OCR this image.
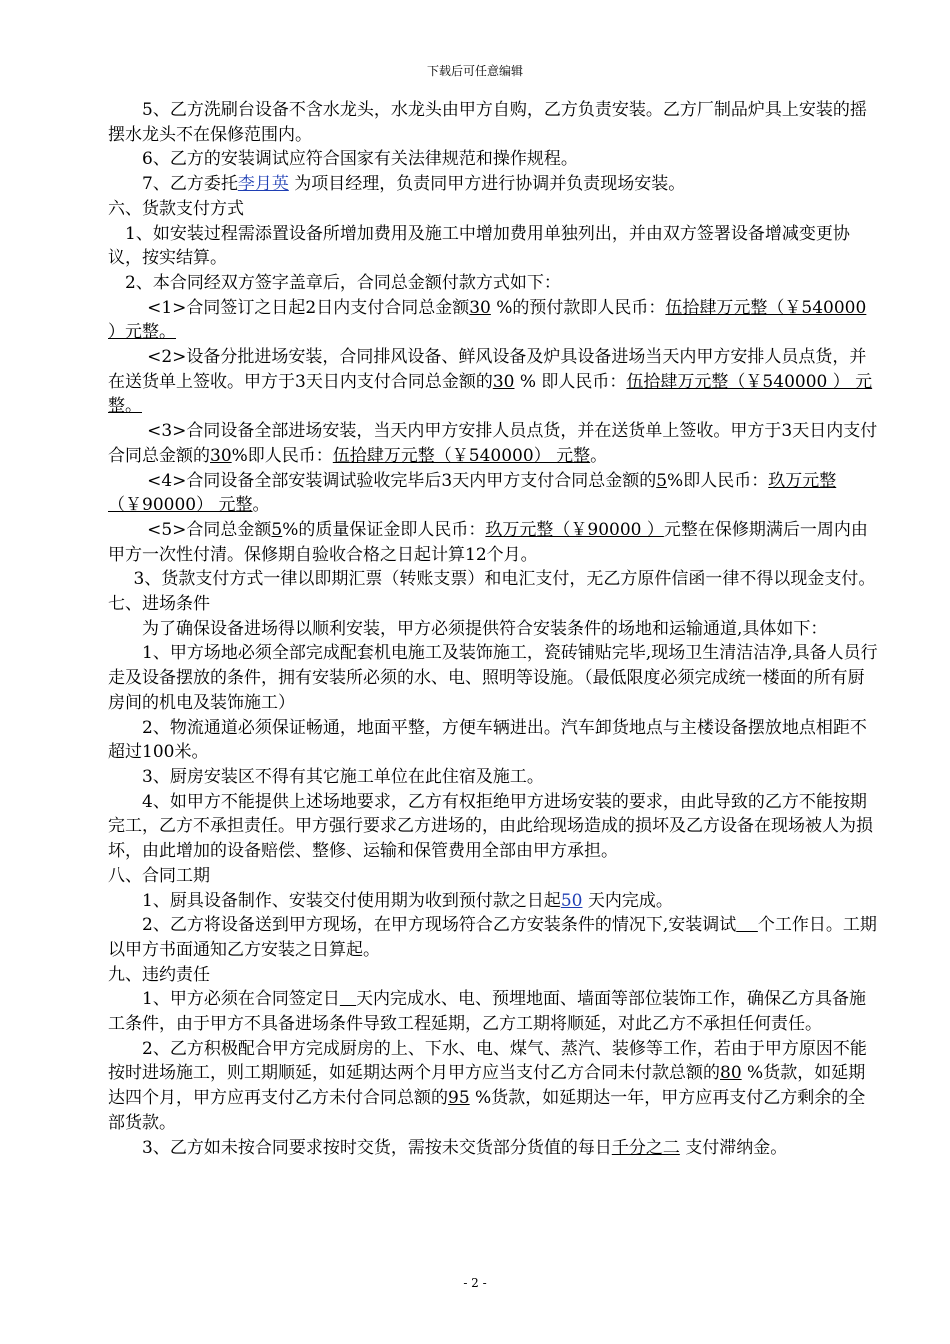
下载后可任意编辑

5、乙方洗刷台设备不含水龙头，水龙头由甲方自购，乙方负责安装。乙方厂制品炉具上安装的摇摆水龙头不在保修范围内。

6、乙方的安装调试应符合国家有关法律规范和操作规程。

7、乙方委托李月英 为项目经理，负责同甲方进行协调并负责现场安装。

六、货款支付方式

1、如安装过程需添置设备所增加费用及施工中增加费用单独列出，并由双方签署设备增减变更协议，按实结算。

2、本合同经双方签字盖章后，合同总金额付款方式如下：

<1>合同签订之日起2日内支付合同总金额30 %的预付款即人民币：伍拾肆万元整（￥540000 ）元整。

<2>设备分批进场安装，合同排风设备、鲜风设备及炉具设备进场当天内甲方安排人员点货，并在送货单上签收。甲方于3天日内支付合同总金额的30 % 即人民币：伍拾肆万元整（￥540000 ） 元整。

<3>合同设备全部进场安装，当天内甲方安排人员点货，并在送货单上签收。甲方于3天日内支付合同总金额的30%即人民币：伍拾肆万元整（￥540000） 元整。

<4>合同设备全部安装调试验收完毕后3天内甲方支付合同总金额的5%即人民币：玖万元整（￥90000） 元整。

<5>合同总金额5%的质量保证金即人民币：玖万元整（￥90000 ）元整在保修期满后一周内由甲方一次性付清。保修期自验收合格之日起计算12个月。

3、货款支付方式一律以即期汇票（转账支票）和电汇支付，无乙方原件信函一律不得以现金支付。

七、进场条件

为了确保设备进场得以顺利安装，甲方必须提供符合安装条件的场地和运输通道,具体如下：

1、甲方场地必须全部完成配套机电施工及装饰施工，瓷砖铺贴完毕,现场卫生清洁洁净,具备人员行走及设备摆放的条件，拥有安装所必须的水、电、照明等设施。（最低限度必须完成统一楼面的所有厨房间的机电及装饰施工）

2、物流通道必须保证畅通，地面平整，方便车辆进出。汽车卸货地点与主楼设备摆放地点相距不超过100米。

3、厨房安装区不得有其它施工单位在此住宿及施工。

4、如甲方不能提供上述场地要求，乙方有权拒绝甲方进场安装的要求，由此导致的乙方不能按期完工，乙方不承担责任。甲方强行要求乙方进场的，由此给现场造成的损坏及乙方设备在现场被人为损坏，由此增加的设备赔偿、整修、运输和保管费用全部由甲方承担。

八、合同工期

1、厨具设备制作、安装交付使用期为收到预付款之日起50 天内完成。

2、乙方将设备送到甲方现场，在甲方现场符合乙方安装条件的情况下,安装调试 个工作日。工期以甲方书面通知乙方安装之日算起。

九、违约责任

1、甲方必须在合同签定日 天内完成水、电、预埋地面、墙面等部位装饰工作，确保乙方具备施工条件，由于甲方不具备进场条件导致工程延期，乙方工期将顺延，对此乙方不承担任何责任。

2、乙方积极配合甲方完成厨房的上、下水、电、煤气、蒸汽、装修等工作，若由于甲方原因不能按时进场施工，则工期顺延，如延期达两个月甲方应当支付乙方合同未付款总额的80 %货款，如延期达四个月，甲方应再支付乙方未付合同总额的95 %货款，如延期达一年，甲方应再支付乙方剩余的全部货款。

3、乙方如未按合同要求按时交货，需按未交货部分货值的每日千分之二 支付滞纳金。

- 2 -
